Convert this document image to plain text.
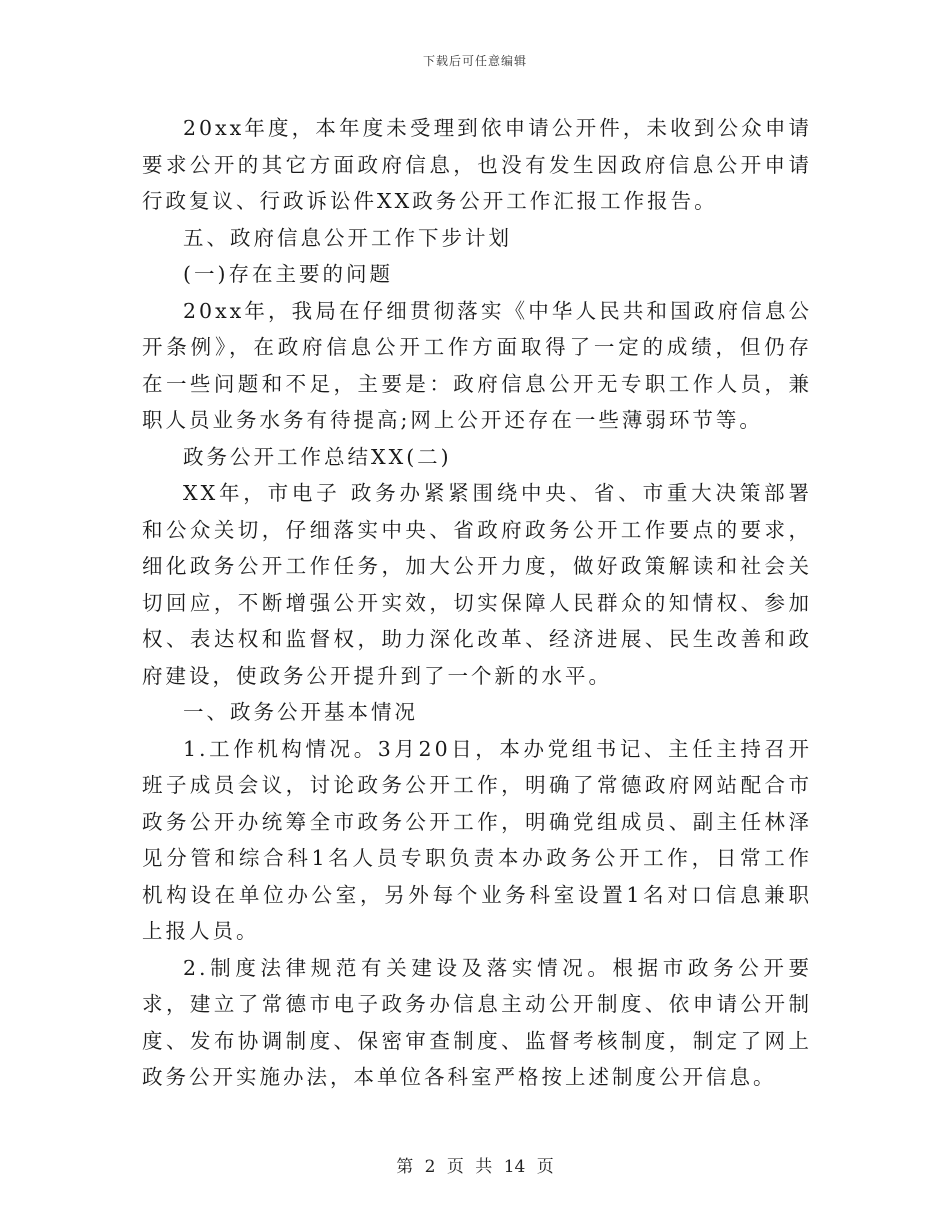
下载后可任意编辑

20xx年度，本年度未受理到依申请公开件，未收到公众申请要求公开的其它方面政府信息，也没有发生因政府信息公开申请行政复议、行政诉讼件XX政务公开工作汇报工作报告。

五、政府信息公开工作下步计划

(一)存在主要的问题

20xx年，我局在仔细贯彻落实《中华人民共和国政府信息公开条例》，在政府信息公开工作方面取得了一定的成绩，但仍存在一些问题和不足，主要是：政府信息公开无专职工作人员，兼职人员业务水务有待提高;网上公开还存在一些薄弱环节等。

政务公开工作总结XX(二)

XX年，市电子 政务办紧紧围绕中央、省、市重大决策部署和公众关切，仔细落实中央、省政府政务公开工作要点的要求，细化政务公开工作任务，加大公开力度，做好政策解读和社会关切回应，不断增强公开实效，切实保障人民群众的知情权、参加权、表达权和监督权，助力深化改革、经济进展、民生改善和政府建设，使政务公开提升到了一个新的水平。

一、政务公开基本情况

1.工作机构情况。3月20日，本办党组书记、主任主持召开班子成员会议，讨论政务公开工作，明确了常德政府网站配合市政务公开办统筹全市政务公开工作，明确党组成员、副主任林泽见分管和综合科1名人员专职负责本办政务公开工作，日常工作机构设在单位办公室，另外每个业务科室设置1名对口信息兼职上报人员。

2.制度法律规范有关建设及落实情况。根据市政务公开要求，建立了常德市电子政务办信息主动公开制度、依申请公开制度、发布协调制度、保密审查制度、监督考核制度，制定了网上政务公开实施办法，本单位各科室严格按上述制度公开信息。

第 2 页 共 14 页
